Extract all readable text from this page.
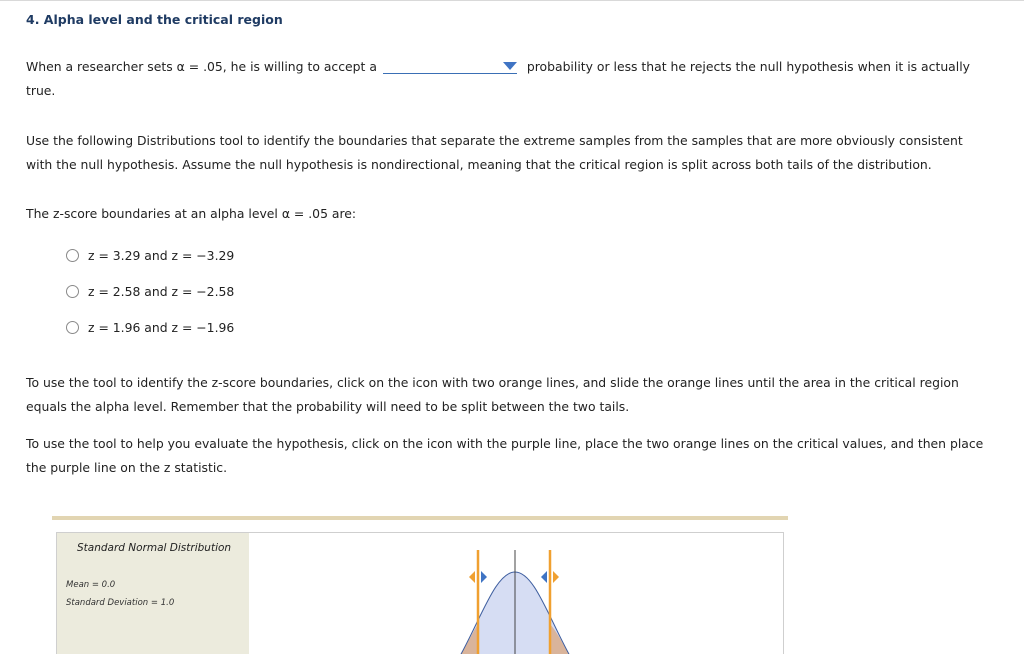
4. Alpha level and the critical region
When a researcher sets α = .05, he is willing to accept a	probability or less that he rejects the null hypothesis when it is actually true.
Use the following Distributions tool to identify the boundaries that separate the extreme samples from the samples that are more obviously consistent with the null hypothesis. Assume the null hypothesis is nondirectional, meaning that the critical region is split across both tails of the distribution.
The z-score boundaries at an alpha level α = .05 are:
z = 3.29 and z = −3.29
z = 2.58 and z = −2.58
z = 1.96 and z = −1.96
To use the tool to identify the z-score boundaries, click on the icon with two orange lines, and slide the orange lines until the area in the critical region equals the alpha level. Remember that the probability will need to be split between the two tails.
To use the tool to help you evaluate the hypothesis, click on the icon with the purple line, place the two orange lines on the critical values, and then place the purple line on the z statistic.
Standard Normal Distribution
Mean = 0.0
Standard Deviation = 1.0
